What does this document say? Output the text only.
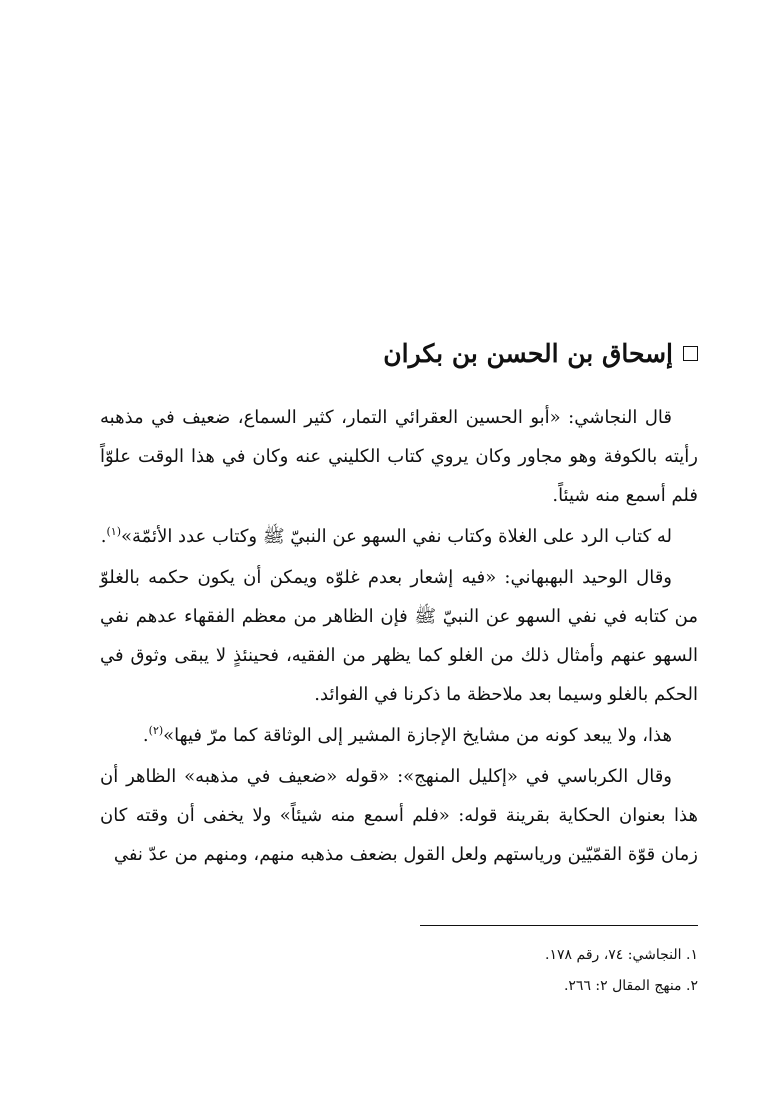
إسحاق بن الحسن بن بكران

قال النجاشي: «أبو الحسين العقرائي التمار، كثير السماع، ضعيف في مذهبه رأيته بالكوفة وهو مجاور وكان يروي كتاب الكليني عنه وكان في هذا الوقت علوّاً فلم أسمع منه شيئاً.

له كتاب الرد على الغلاة وكتاب نفي السهو عن النبيّ ﷺ وكتاب عدد الأئمّة»$^{(١)}$.

وقال الوحيد البهبهاني: «فيه إشعار بعدم غلوّه ويمكن أن يكون حكمه بالغلوّ من كتابه في نفي السهو عن النبيّ ﷺ فإن الظاهر من معظم الفقهاء عدهم نفي السهو عنهم وأمثال ذلك من الغلو كما يظهر من الفقيه، فحينئذٍ لا يبقى وثوق في الحكم بالغلو وسيما بعد ملاحظة ما ذكرنا في الفوائد.

هذا، ولا يبعد كونه من مشايخ الإجازة المشير إلى الوثاقة كما مرّ فيها»$^{(٢)}$.

وقال الكرباسي في «إكليل المنهج»: «قوله «ضعيف في مذهبه» الظاهر أن هذا بعنوان الحكاية بقرينة قوله: «فلم أسمع منه شيئاً» ولا يخفى أن وقته كان زمان قوّة القمّيّين ورياستهم ولعل القول بضعف مذهبه منهم، ومنهم من عدّ نفي

١. النجاشي: ٧٤، رقم ١٧٨.

٢. منهج المقال ٢: ٢٦٦.
